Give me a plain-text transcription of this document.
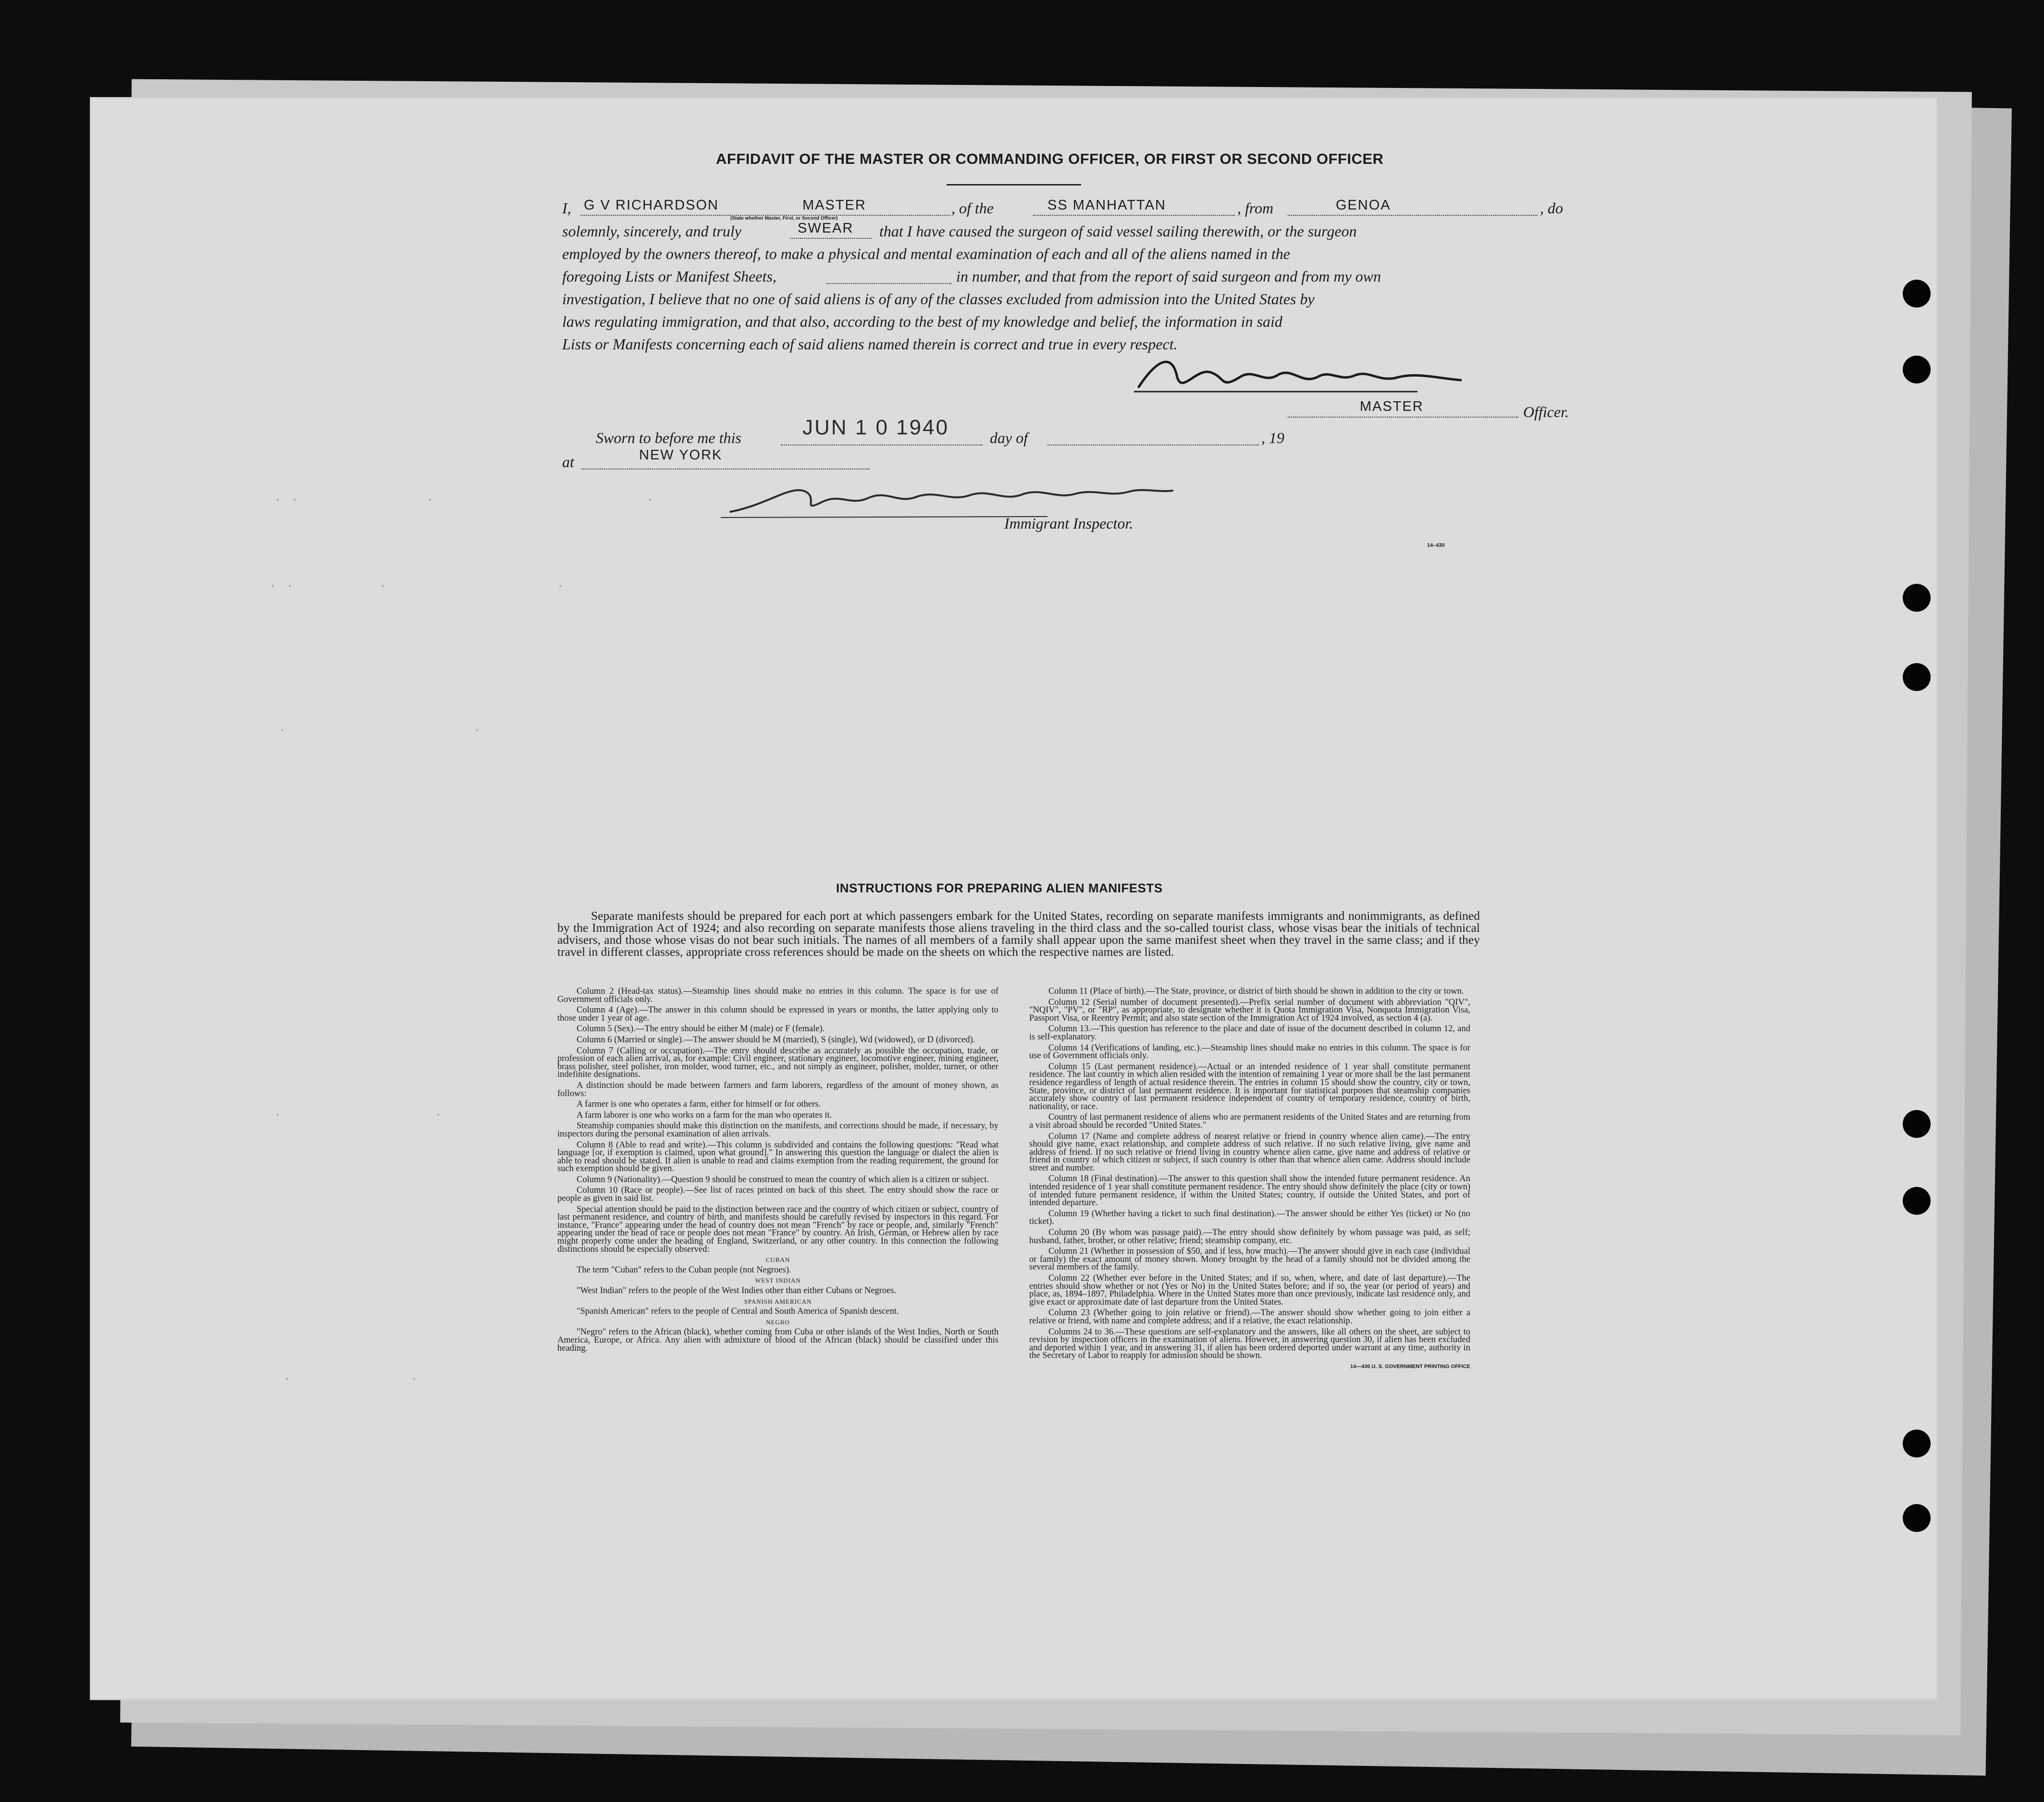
· ·               ·                         ·
· ·          ·                    ·
·                      ·
·                  ·
·              ·
AFFIDAVIT OF THE MASTER OR COMMANDING OFFICER, OR FIRST OR SECOND OFFICER
I, G V RICHARDSON	MASTER	, of the	SS MANHATTAN	, from	GENOA	, do
(State whether Master, First, or Second Officer)
solemnly, sincerely, and truly	SWEAR that I have caused the surgeon of said vessel sailing therewith, or the surgeon
employed by the owners thereof, to make a physical and mental examination of each and all of the aliens named in the
foregoing Lists or Manifest Sheets,	in number, and that from the report of said surgeon and from my own
investigation, I believe that no one of said aliens is of any of the classes excluded from admission into the United States by
laws regulating immigration, and that also, according to the best of my knowledge and belief, the information in said
Lists or Manifests concerning each of said aliens named therein is correct and true in every respect.
MASTER	Officer.
Sworn to before me this	JUN 1 0 1940	day of	, 19
at	NEW YORK
Immigrant Inspector.
14–430
INSTRUCTIONS FOR PREPARING ALIEN MANIFESTS
Separate manifests should be prepared for each port at which passengers embark for the United States, recording on separate manifests immigrants and nonimmigrants, as defined by the Immigration Act of 1924; and also recording on separate manifests those aliens traveling in the third class and the so-called tourist class, whose visas bear the initials of technical advisers, and those whose visas do not bear such initials. The names of all members of a family shall appear upon the same manifest sheet when they travel in the same class; and if they travel in different classes, appropriate cross references should be made on the sheets on which the respective names are listed.

Column 2 (Head-tax status).—Steamship lines should make no entries in this column. The space is for use of Government officials only.

Column 4 (Age).—The answer in this column should be expressed in years or months, the latter applying only to those under 1 year of age.

Column 5 (Sex).—The entry should be either M (male) or F (female).

Column 6 (Married or single).—The answer should be M (married), S (single), Wd (widowed), or D (divorced).

Column 7 (Calling or occupation).—The entry should describe as accurately as possible the occupation, trade, or profession of each alien arrival, as, for example: Civil engineer, stationary engineer, locomotive engineer, mining engineer, brass polisher, steel polisher, iron molder, wood turner, etc., and not simply as engineer, polisher, molder, turner, or other indefinite designations.

A distinction should be made between farmers and farm laborers, regardless of the amount of money shown, as follows:

A farmer is one who operates a farm, either for himself or for others.

A farm laborer is one who works on a farm for the man who operates it.

Steamship companies should make this distinction on the manifests, and corrections should be made, if necessary, by inspectors during the personal examination of alien arrivals.

Column 8 (Able to read and write).—This column is subdivided and contains the following questions: "Read what language [or, if exemption is claimed, upon what ground]." In answering this question the language or dialect the alien is able to read should be stated. If alien is unable to read and claims exemption from the reading requirement, the ground for such exemption should be given.

Column 9 (Nationality).—Question 9 should be construed to mean the country of which alien is a citizen or subject.

Column 10 (Race or people).—See list of races printed on back of this sheet. The entry should show the race or people as given in said list.

Special attention should be paid to the distinction between race and the country of which citizen or subject, country of last permanent residence, and country of birth, and manifests should be carefully revised by inspectors in this regard. For instance, "France" appearing under the head of country does not mean "French" by race or people, and, similarly "French" appearing under the head of race or people does not mean "France" by country. An Irish, German, or Hebrew alien by race might properly come under the heading of England, Switzerland, or any other country. In this connection the following distinctions should be especially observed:

CUBAN

The term "Cuban" refers to the Cuban people (not Negroes).

WEST INDIAN

"West Indian" refers to the people of the West Indies other than either Cubans or Negroes.

SPANISH AMERICAN

"Spanish American" refers to the people of Central and South America of Spanish descent.

NEGRO

"Negro" refers to the African (black), whether coming from Cuba or other islands of the West Indies, North or South America, Europe, or Africa. Any alien with admixture of blood of the African (black) should be classified under this heading.

Column 11 (Place of birth).—The State, province, or district of birth should be shown in addition to the city or town.

Column 12 (Serial number of document presented).—Prefix serial number of document with abbreviation "QIV", "NQIV", "PV", or "RP", as appropriate, to designate whether it is Quota Immigration Visa, Nonquota Immigration Visa, Passport Visa, or Reentry Permit; and also state section of the Immigration Act of 1924 involved, as section 4 (a).

Column 13.—This question has reference to the place and date of issue of the document described in column 12, and is self-explanatory.

Column 14 (Verifications of landing, etc.).—Steamship lines should make no entries in this column. The space is for use of Government officials only.

Column 15 (Last permanent residence).—Actual or an intended residence of 1 year shall constitute permanent residence. The last country in which alien resided with the intention of remaining 1 year or more shall be the last permanent residence regardless of length of actual residence therein. The entries in column 15 should show the country, city or town, State, province, or district of last permanent residence. It is important for statistical purposes that steamship companies accurately show country of last permanent residence independent of country of temporary residence, country of birth, nationality, or race.

Country of last permanent residence of aliens who are permanent residents of the United States and are returning from a visit abroad should be recorded "United States."

Column 17 (Name and complete address of nearest relative or friend in country whence alien came).—The entry should give name, exact relationship, and complete address of such relative. If no such relative living, give name and address of friend. If no such relative or friend living in country whence alien came, give name and address of relative or friend in country of which citizen or subject, if such country is other than that whence alien came. Address should include street and number.

Column 18 (Final destination).—The answer to this question shall show the intended future permanent residence. An intended residence of 1 year shall constitute permanent residence. The entry should show definitely the place (city or town) of intended future permanent residence, if within the United States; country, if outside the United States, and port of intended departure.

Column 19 (Whether having a ticket to such final destination).—The answer should be either Yes (ticket) or No (no ticket).

Column 20 (By whom was passage paid).—The entry should show definitely by whom passage was paid, as self; husband, father, brother, or other relative; friend; steamship company, etc.

Column 21 (Whether in possession of $50, and if less, how much).—The answer should give in each case (individual or family) the exact amount of money shown. Money brought by the head of a family should not be divided among the several members of the family.

Column 22 (Whether ever before in the United States; and if so, when, where, and date of last departure).—The entries should show whether or not (Yes or No) in the United States before; and if so, the year (or period of years) and place, as, 1894–1897, Philadelphia. Where in the United States more than once previously, indicate last residence only, and give exact or approximate date of last departure from the United States.

Column 23 (Whether going to join relative or friend).—The answer should show whether going to join either a relative or friend, with name and complete address; and if a relative, the exact relationship.

Columns 24 to 36.—These questions are self-explanatory and the answers, like all others on the sheet, are subject to revision by inspection officers in the examination of aliens. However, in answering question 30, if alien has been excluded and deported within 1 year, and in answering 31, if alien has been ordered deported under warrant at any time, authority in the Secretary of Labor to reapply for admission should be shown.

14—430 U. S. GOVERNMENT PRINTING OFFICE
